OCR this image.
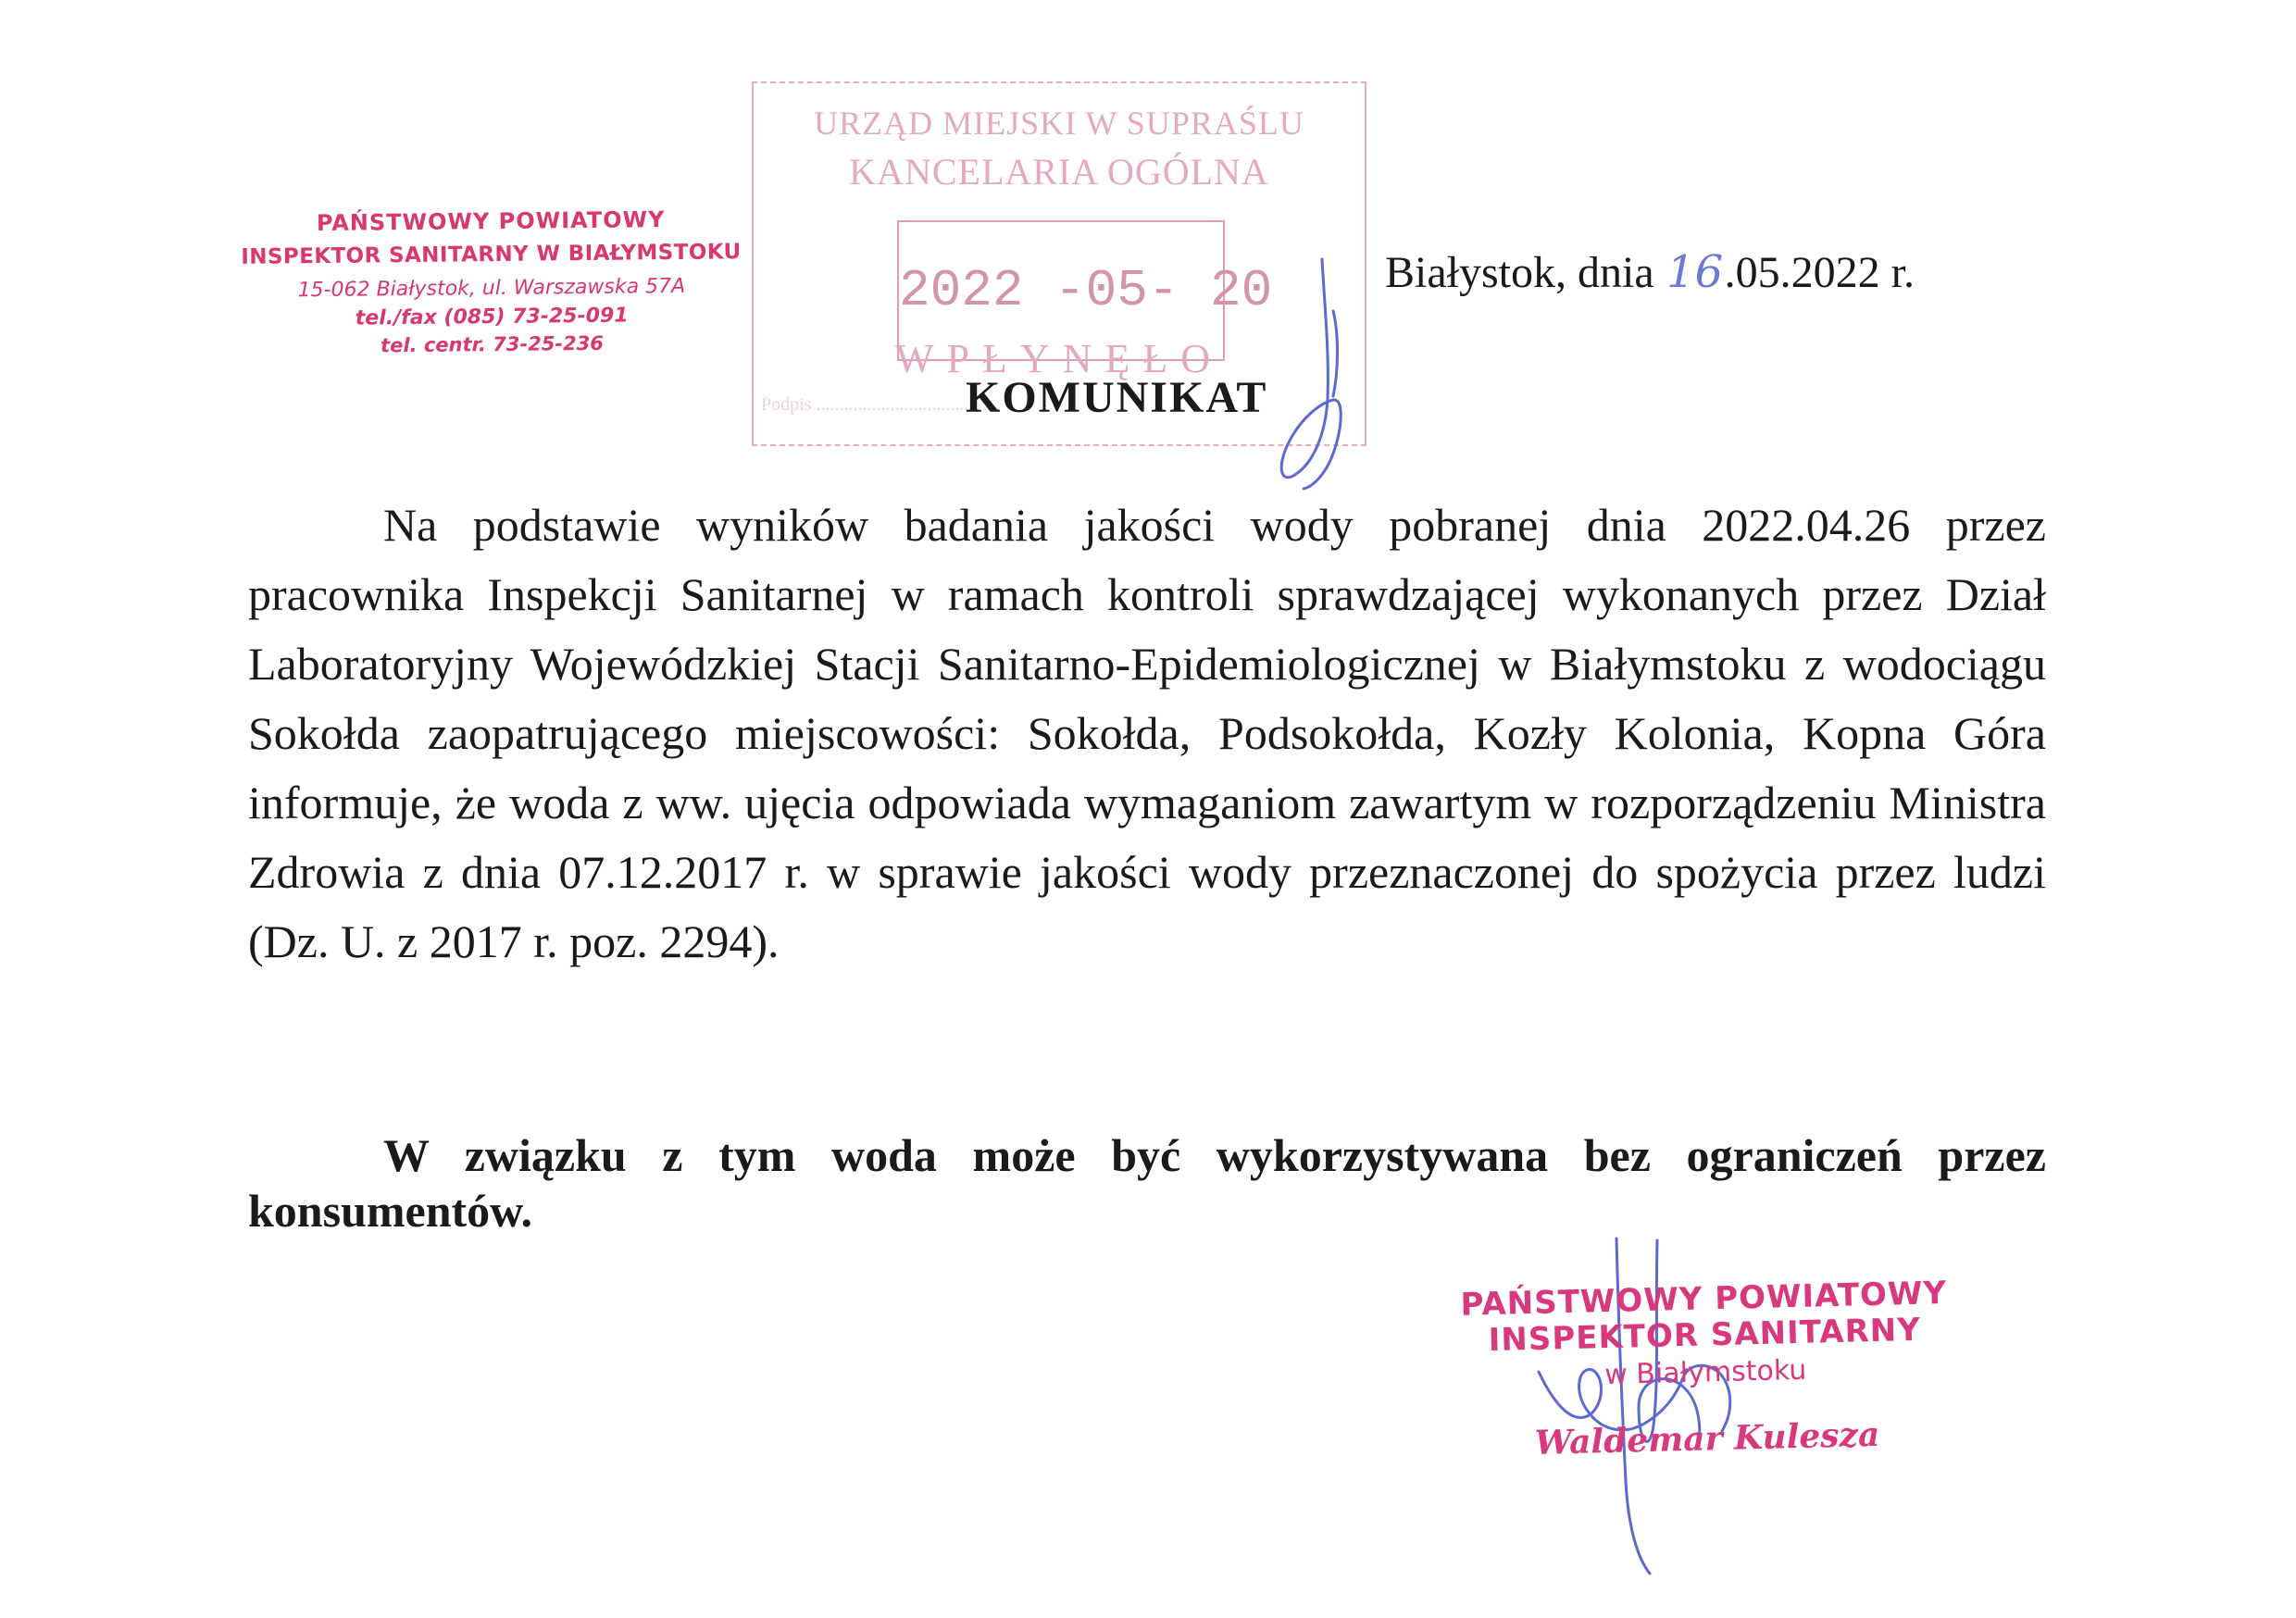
PAŃSTWOWY POWIATOWY
INSPEKTOR SANITARNY W BIAŁYMSTOKU
15-062 Białystok, ul. Warszawska 57A
tel./fax (085) 73-25-091
tel. centr. 73-25-236
URZĄD MIEJSKI W SUPRAŚLU
KANCELARIA OGÓLNA
2022 -05- 20
WPŁYNĘŁO
Podpis ........................................
Białystok, dnia 16.05.2022 r.
KOMUNIKAT

Na podstawie wyników badania jakości wody pobranej dnia 2022.04.26 przez pracownika Inspekcji Sanitarnej w ramach kontroli sprawdzającej wykonanych przez Dział Laboratoryjny Wojewódzkiej Stacji Sanitarno-Epidemiologicznej w Białymstoku z wodociągu Sokołda zaopatrującego miejscowości: Sokołda, Podsokołda, Kozły Kolonia, Kopna Góra informuje, że woda z ww. ujęcia odpowiada wymaganiom zawartym w rozporządzeniu Ministra Zdrowia z dnia 07.12.2017 r. w sprawie jakości wody przeznaczonej do spożycia przez ludzi (Dz. U. z 2017 r. poz. 2294).

W związku z tym woda może być wykorzystywana bez ograniczeń przez konsumentów.

PAŃSTWOWY POWIATOWY
INSPEKTOR SANITARNY
w Białymstoku
Waldemar Kulesza
